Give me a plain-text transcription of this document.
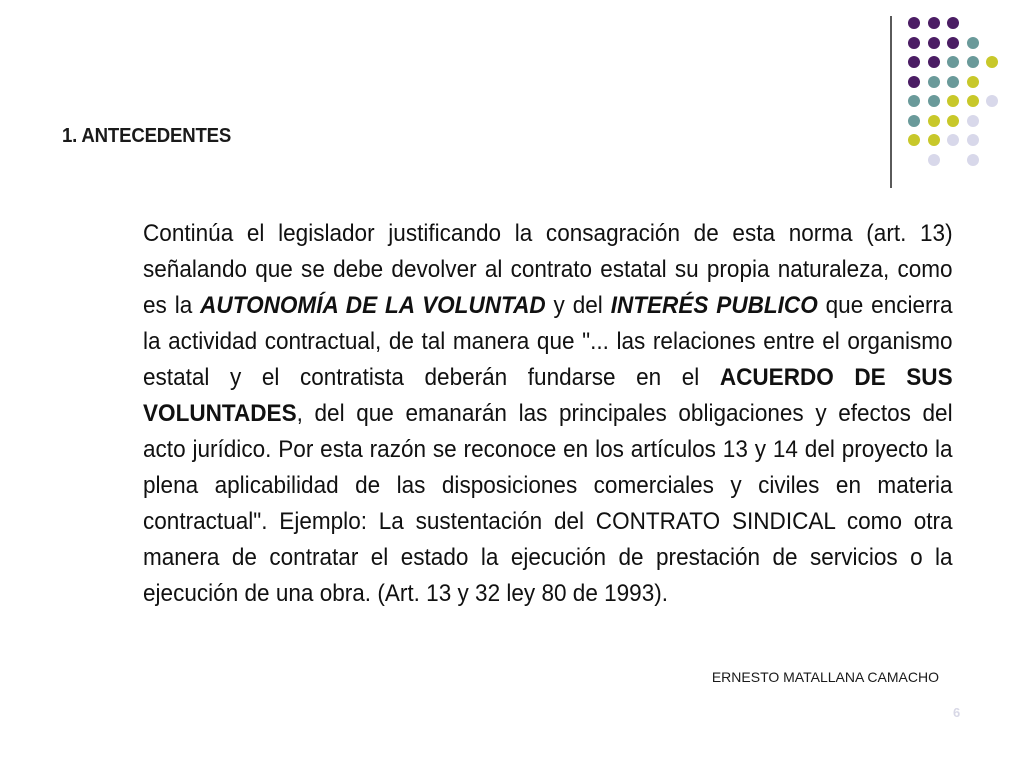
1. ANTECEDENTES
Continúa el legislador justificando la consagración de esta norma (art. 13) señalando que se debe devolver al contrato estatal su propia naturaleza, como es la AUTONOMÍA DE LA VOLUNTAD y del INTERÉS PUBLICO que encierra la actividad contractual, de tal manera que "... las relaciones entre el organismo estatal y el contratista deberán fundarse en el ACUERDO DE SUS VOLUNTADES, del que emanarán las principales obligaciones y efectos del acto jurídico. Por esta razón se reconoce en los artículos 13 y 14 del proyecto la plena aplicabilidad de las disposiciones comerciales y civiles en materia contractual". Ejemplo: La sustentación del CONTRATO SINDICAL como otra manera de contratar el estado la ejecución de prestación de servicios o la ejecución de una obra. (Art. 13 y 32 ley 80 de 1993).
ERNESTO MATALLANA CAMACHO
6
